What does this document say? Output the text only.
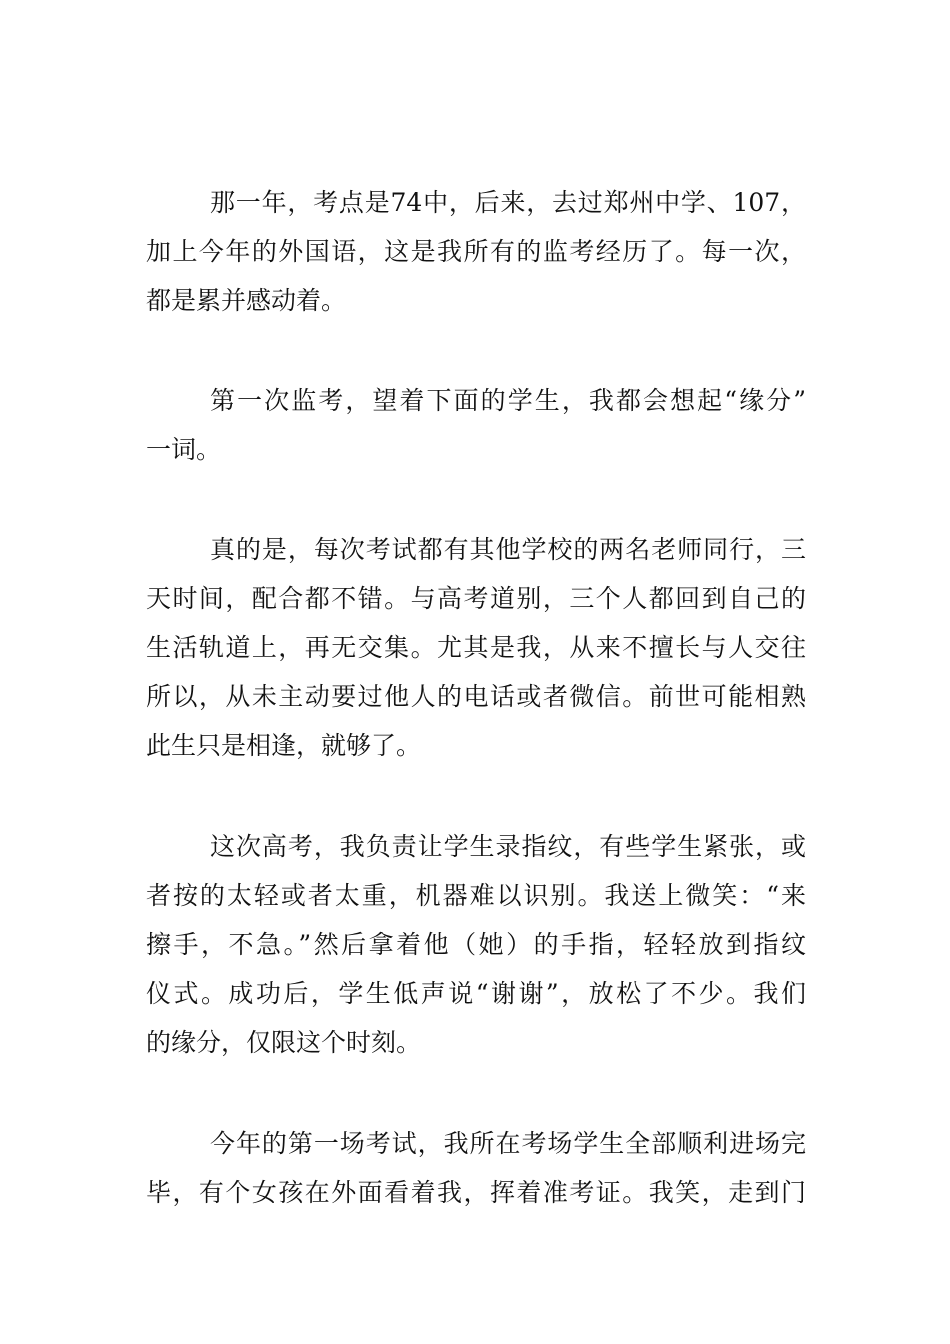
那一年，考点是74中，后来，去过郑州中学、107，
加上今年的外国语，这是我所有的监考经历了。每一次，
都是累并感动着。
第一次监考，望着下面的学生，我都会想起“缘分”
一词。
真的是，每次考试都有其他学校的两名老师同行，三
天时间，配合都不错。与高考道别，三个人都回到自己的
生活轨道上，再无交集。尤其是我，从来不擅长与人交往
所以，从未主动要过他人的电话或者微信。前世可能相熟
此生只是相逢，就够了。
这次高考，我负责让学生录指纹，有些学生紧张，或
者按的太轻或者太重，机器难以识别。我送上微笑：“来
擦手，不急。”然后拿着他（她）的手指，轻轻放到指纹
仪式。成功后，学生低声说“谢谢”，放松了不少。我们
的缘分，仅限这个时刻。
今年的第一场考试，我所在考场学生全部顺利进场完
毕，有个女孩在外面看着我，挥着准考证。我笑，走到门
